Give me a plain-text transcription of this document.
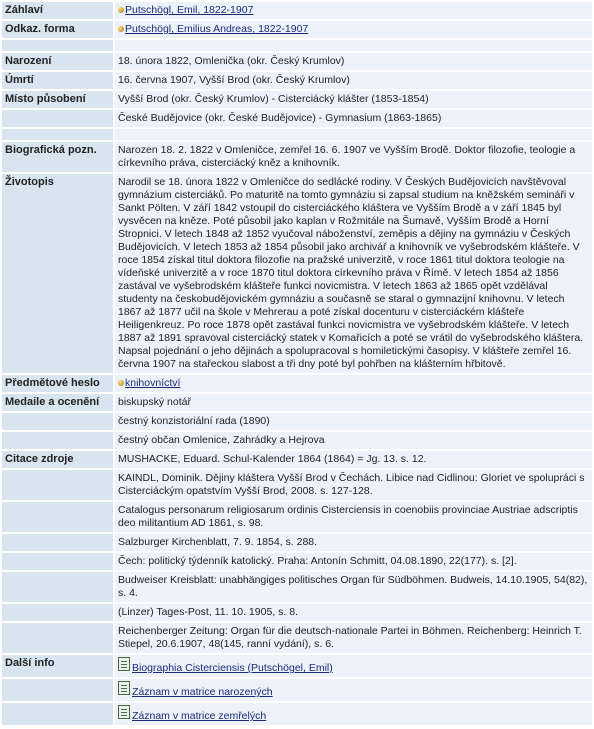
Záhlaví	Putschögl, Emil, 1822-1907
Odkaz. forma	Putschögl, Emilius Andreas, 1822-1907

Narození	18. února 1822, Omlenička (okr. Český Krumlov)
Úmrtí	16. června 1907, Vyšší Brod (okr. Český Krumlov)
Místo působení	Vyšší Brod (okr. Český Krumlov) - Cisterciácký klášter (1853-1854)
	České Budějovice (okr. České Budějovice) - Gymnasium (1863-1865)

Biografická pozn.	Narozen 18. 2. 1822 v Omleničce, zemřel 16. 6. 1907 ve Vyšším Brodě. Doktor filozofie, teologie a církevního práva, cisterciácký kněz a knihovník.
Životopis	Narodil se 18. února 1822 v Omleničce do sedlácké rodiny. V Českých Budějovicích navštěvoval gymnázium cisterciáků. Po maturitě na tomto gymnáziu si zapsal studium na kněžském semináři v Sankt Pölten. V září 1842 vstoupil do cisterciáckého kláštera ve Vyšším Brodě a v září 1845 byl vysvěcen na kněze. Poté působil jako kaplan v Rožmitále na Šumavě, Vyšším Brodě a Horní Stropnici. V letech 1848 až 1852 vyučoval náboženství, zeměpis a dějiny na gymnáziu v Českých Budějovicích. V letech 1853 až 1854 působil jako archivář a knihovník ve vyšebrodském klášteře. V roce 1854 získal titul doktora filozofie na pražské univerzitě, v roce 1861 titul doktora teologie na vídeňské univerzitě a v roce 1870 titul doktora církevního práva v Římě. V letech 1854 až 1856 zastával ve vyšebrodském klášteře funkci novicmistra. V letech 1863 až 1865 opět vzdělával studenty na českobudějovickém gymnáziu a současně se staral o gymnazijní knihovnu. V letech 1867 až 1877 učil na škole v Mehrerau a poté získal docenturu v cisterciáckém klášteře Heiligenkreuz. Po roce 1878 opět zastával funkci novicmistra ve vyšebrodském klášteře. V letech 1887 až 1891 spravoval cisterciácký statek v Komařicích a poté se vrátil do vyšebrodského kláštera. Napsal pojednání o jeho dějinách a spolupracoval s homiletickými časopisy. V klášteře zemřel 16. června 1907 na stařeckou slabost a tři dny poté byl pohřben na klášterním hřbitově.
Předmětové heslo	knihovníctví
Medaile a ocenění	biskupský notář
	čestný konzistoriální rada (1890)
	čestný občan Omlenice, Zahrádky a Hejrova
Citace zdroje	MUSHACKE, Eduard. Schul-Kalender 1864 (1864) = Jg. 13. s. 12.
	KAINDL, Dominik. Dějiny kláštera Vyšší Brod v Čechách. Libice nad Cidlinou: Gloriet ve spolupráci s Cisterciáckým opatstvím Vyšší Brod, 2008. s. 127-128.
	Catalogus personarum religiosarum ordinis Cisterciensis in coenobiis provinciae Austriae adscriptis deo militantium AD 1861, s. 98.
	Salzburger Kirchenblatt, 7. 9. 1854, s. 288.
	Čech: politický týdenník katolický. Praha: Antonín Schmitt, 04.08.1890, 22(177). s. [2].
	Budweiser Kreisblatt: unabhängiges politisches Organ für Südböhmen. Budweis, 14.10.1905, 54(82), s. 4.
	(Linzer) Tages-Post, 11. 10. 1905, s. 8.
	Reichenberger Zeitung: Organ für die deutsch-nationale Partei in Böhmen. Reichenberg: Heinrich T. Stiepel, 20.6.1907, 48(145, ranní vydání), s. 6.
Další info	Biographia Cisterciensis (Putschögel, Emil)
	Záznam v matrice narozených
	Záznam v matrice zemřelých
